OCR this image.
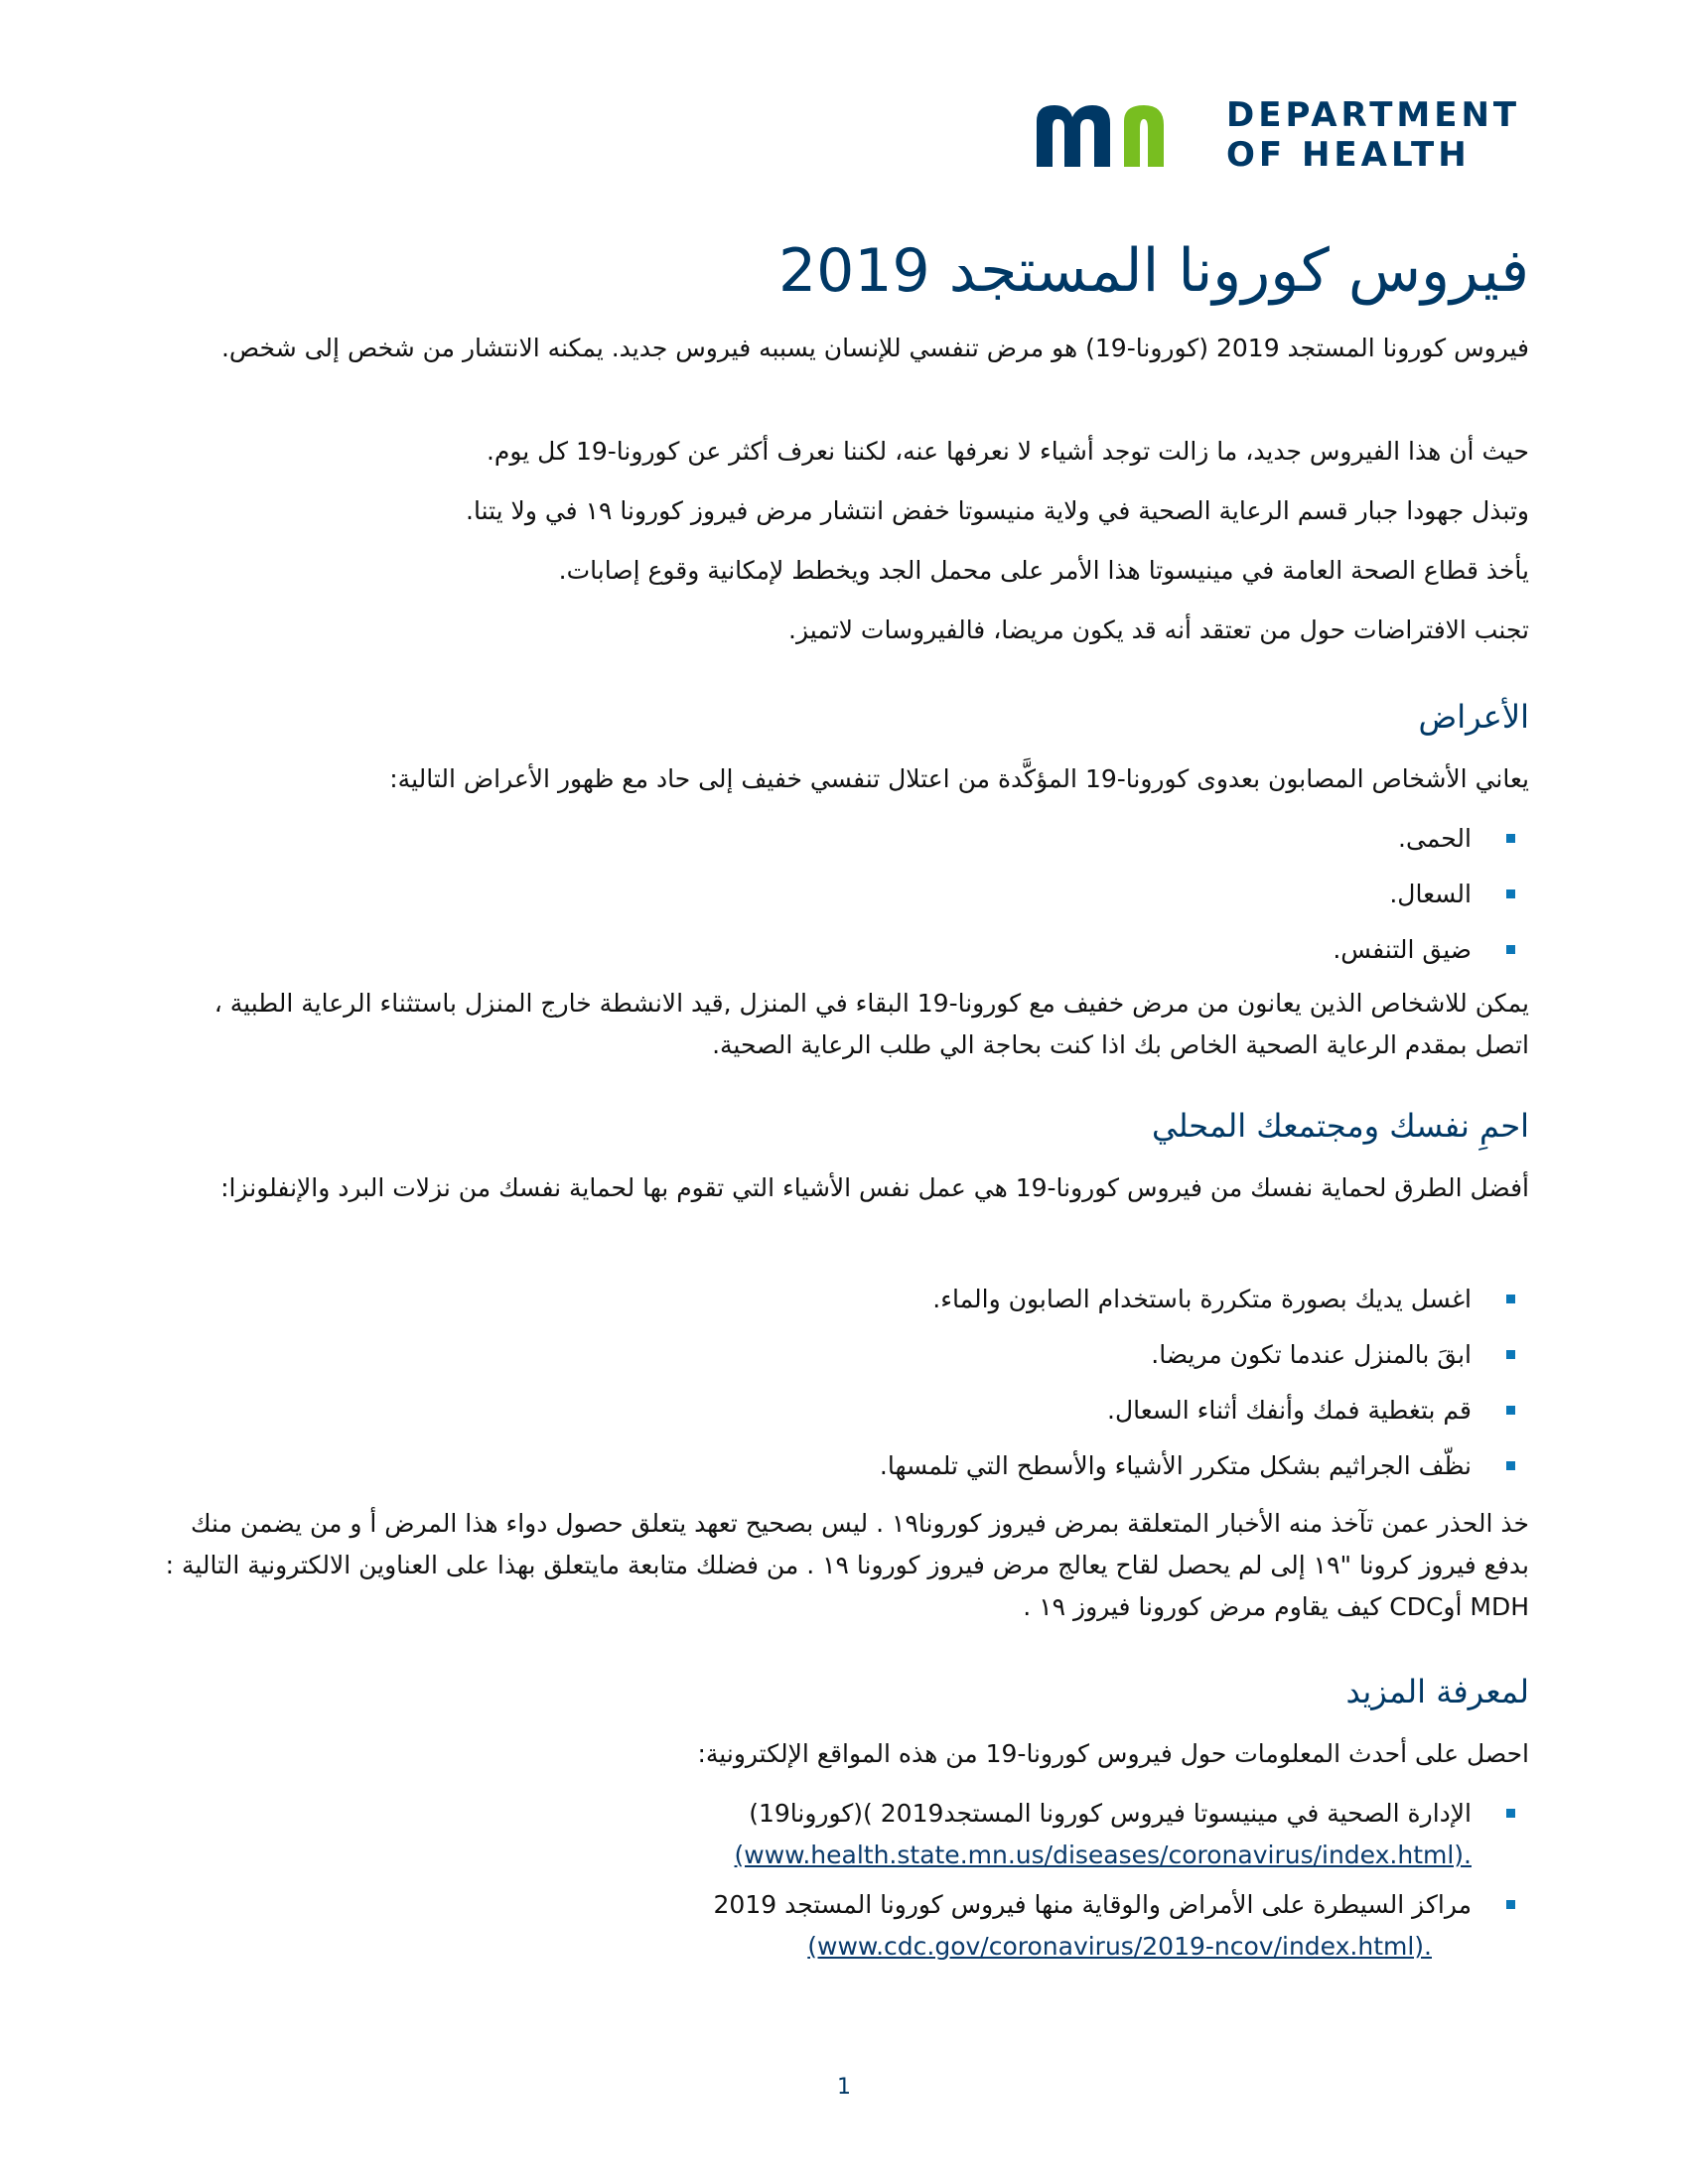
DEPARTMENT
OF HEALTH
فيروس كورونا المستجد 2019

فيروس كورونا المستجد 2019 (كورونا-19) هو مرض تنفسي للإنسان يسببه فيروس جديد. يمكنه الانتشار من شخص إلى شخص.

حيث أن هذا الفيروس جديد، ما زالت توجد أشياء لا نعرفها عنه، لكننا نعرف أكثر عن كورونا-19 كل يوم.

وتبذل جهودا جبار قسم الرعاية الصحية في ولاية منيسوتا خفض انتشار مرض فيروز كورونا ١٩ في ولا يتنا.

يأخذ قطاع الصحة العامة في مينيسوتا هذا الأمر على محمل الجد ويخطط لإمكانية وقوع إصابات.

تجنب الافتراضات حول من تعتقد أنه قد يكون مريضا، فالفيروسات لاتميز.

الأعراض

يعاني الأشخاص المصابون بعدوى كورونا-19 المؤكَّدة من اعتلال تنفسي خفيف إلى حاد مع ظهور الأعراض التالية:

الحمى.
السعال.
ضيق التنفس.

يمكن للاشخاص الذين يعانون من مرض خفيف مع كورونا-19 البقاء في المنزل ,قيد الانشطة خارج المنزل باستثناء الرعاية الطبية ، اتصل بمقدم الرعاية الصحية الخاص بك اذا كنت بحاجة الي طلب الرعاية الصحية.

احمِ نفسك ومجتمعك المحلي

أفضل الطرق لحماية نفسك من فيروس كورونا-19 هي عمل نفس الأشياء التي تقوم بها لحماية نفسك من نزلات البرد والإنفلونزا:

اغسل يديك بصورة متكررة باستخدام الصابون والماء.
ابقَ بالمنزل عندما تكون مريضا.
قم بتغطية فمك وأنفك أثناء السعال.
نظّف الجراثيم بشكل متكرر الأشياء والأسطح التي تلمسها.

خذ الحذر عمن تآخذ منه الأخبار المتعلقة بمرض فيروز كورونا١٩ . ليس بصحيح تعهد يتعلق حصول دواء هذا المرض أ و من يضمن منك بدفع فيروز كرونا "١٩ إلى لم يحصل لقاح يعالج مرض فيروز كورونا ١٩ . من فضلك متابعة مايتعلق بهذا على العناوين الالكترونية التالية : MDH أوCDC كيف يقاوم مرض كورونا فيروز ١٩ .

لمعرفة المزيد

احصل على أحدث المعلومات حول فيروس كورونا-19 من هذه المواقع الإلكترونية:

الإدارة الصحية في مينيسوتا فيروس كورونا المستجد2019 )(كورونا19)
(www.health.state.mn.us/diseases/coronavirus/index.html).
مراكز السيطرة على الأمراض والوقاية منها فيروس كورونا المستجد 2019
(www.cdc.gov/coronavirus/2019-ncov/index.html).
1
